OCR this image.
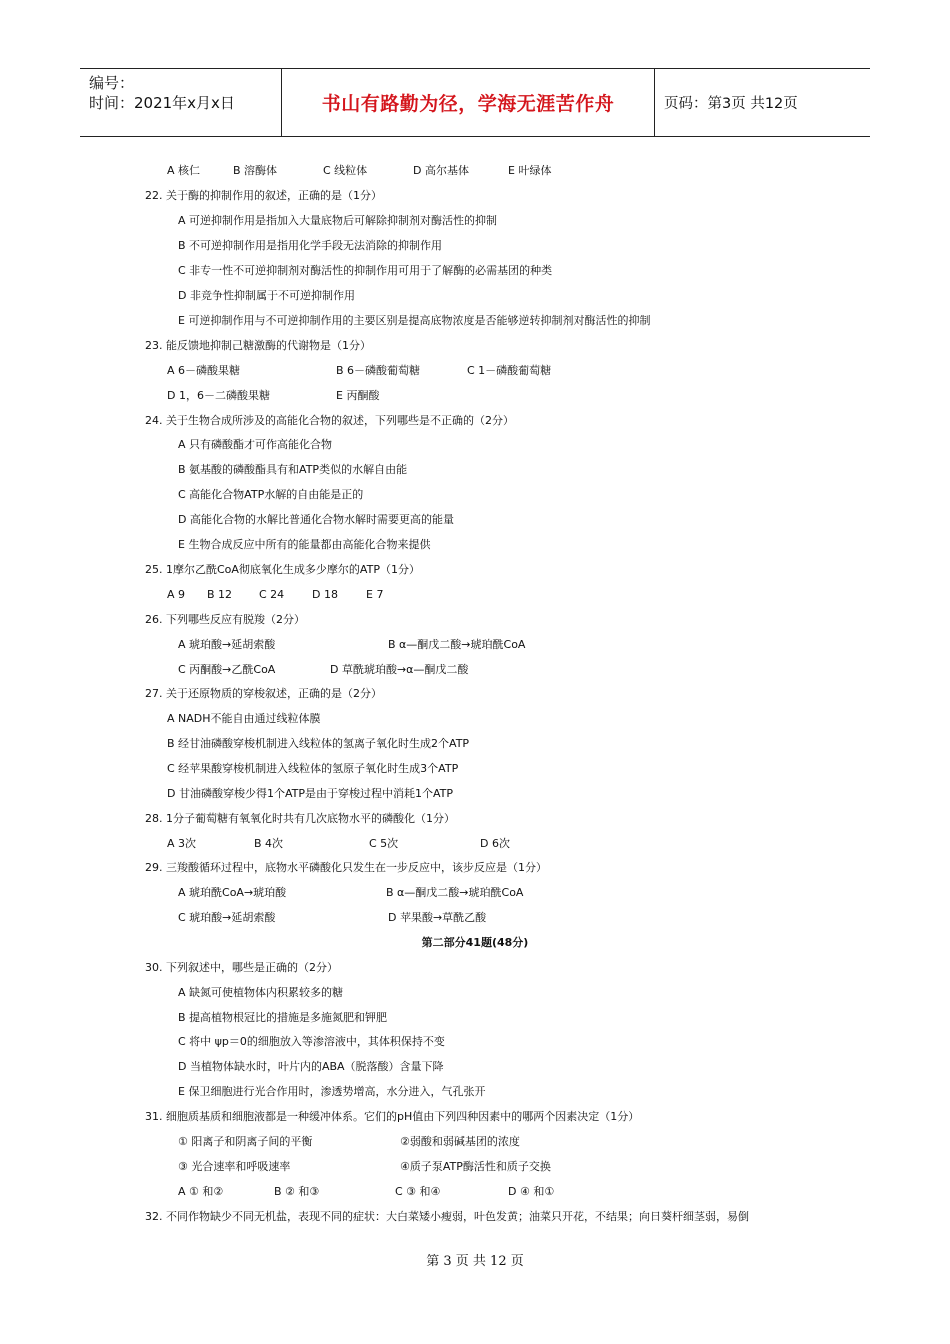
编号：
时间：2021年x月x日	书山有路勤为径，学海无涯苦作舟	页码：第3页 共12页
A 核仁	B 溶酶体	C 线粒体	D 高尔基体	E 叶绿体
22. 关于酶的抑制作用的叙述，正确的是（1分）
A 可逆抑制作用是指加入大量底物后可解除抑制剂对酶活性的抑制
B 不可逆抑制作用是指用化学手段无法消除的抑制作用
C 非专一性不可逆抑制剂对酶活性的抑制作用可用于了解酶的必需基团的种类
D 非竞争性抑制属于不可逆抑制作用
E 可逆抑制作用与不可逆抑制作用的主要区别是提高底物浓度是否能够逆转抑制剂对酶活性的抑制
23. 能反馈地抑制己糖激酶的代谢物是（1分）
A 6－磷酸果糖	B 6－磷酸葡萄糖	C 1－磷酸葡萄糖
D 1，6－二磷酸果糖	E 丙酮酸
24. 关于生物合成所涉及的高能化合物的叙述，下列哪些是不正确的（2分）
A 只有磷酸酯才可作高能化合物
B 氨基酸的磷酸酯具有和ATP类似的水解自由能
C 高能化合物ATP水解的自由能是正的
D 高能化合物的水解比普通化合物水解时需要更高的能量
E 生物合成反应中所有的能量都由高能化合物来提供
25. 1摩尔乙酰CoA彻底氧化生成多少摩尔的ATP（1分）
A 9 B 12 C 24	D 18	E 7
26. 下列哪些反应有脱羧（2分）
A 琥珀酸→延胡索酸	B α—酮戊二酸→琥珀酰CoA
C 丙酮酸→乙酰CoA	D 草酰琥珀酸→α—酮戊二酸
27. 关于还原物质的穿梭叙述，正确的是（2分）
A NADH不能自由通过线粒体膜
B 经甘油磷酸穿梭机制进入线粒体的氢离子氧化时生成2个ATP
C 经苹果酸穿梭机制进入线粒体的氢原子氧化时生成3个ATP
D 甘油磷酸穿梭少得1个ATP是由于穿梭过程中消耗1个ATP
28. 1分子葡萄糖有氧氧化时共有几次底物水平的磷酸化（1分）
A 3次	B 4次	C 5次	D 6次
29. 三羧酸循环过程中，底物水平磷酸化只发生在一步反应中，该步反应是（1分）
A 琥珀酰CoA→琥珀酸	B α—酮戊二酸→琥珀酰CoA
C 琥珀酸→延胡索酸	D 苹果酸→草酰乙酸
第二部分41题(48分)
30. 下列叙述中，哪些是正确的（2分）
A 缺氮可使植物体内积累较多的糖
B 提高植物根冠比的措施是多施氮肥和钾肥
C 将中 ψp＝0的细胞放入等渗溶液中，其体积保持不变
D 当植物体缺水时，叶片内的ABA（脱落酸）含量下降
E 保卫细胞进行光合作用时，渗透势增高，水分进入，气孔张开
31. 细胞质基质和细胞液都是一种缓冲体系。它们的pH值由下列四种因素中的哪两个因素决定（1分）
① 阳离子和阴离子间的平衡	②弱酸和弱碱基团的浓度
③ 光合速率和呼吸速率	④质子泵ATP酶活性和质子交换
A ① 和②	B ② 和③	C ③ 和④	D ④ 和①
32. 不同作物缺少不同无机盐，表现不同的症状：大白菜矮小瘦弱，叶色发黄；油菜只开花，不结果；向日葵杆细茎弱，易倒
第 3 页 共 12 页
